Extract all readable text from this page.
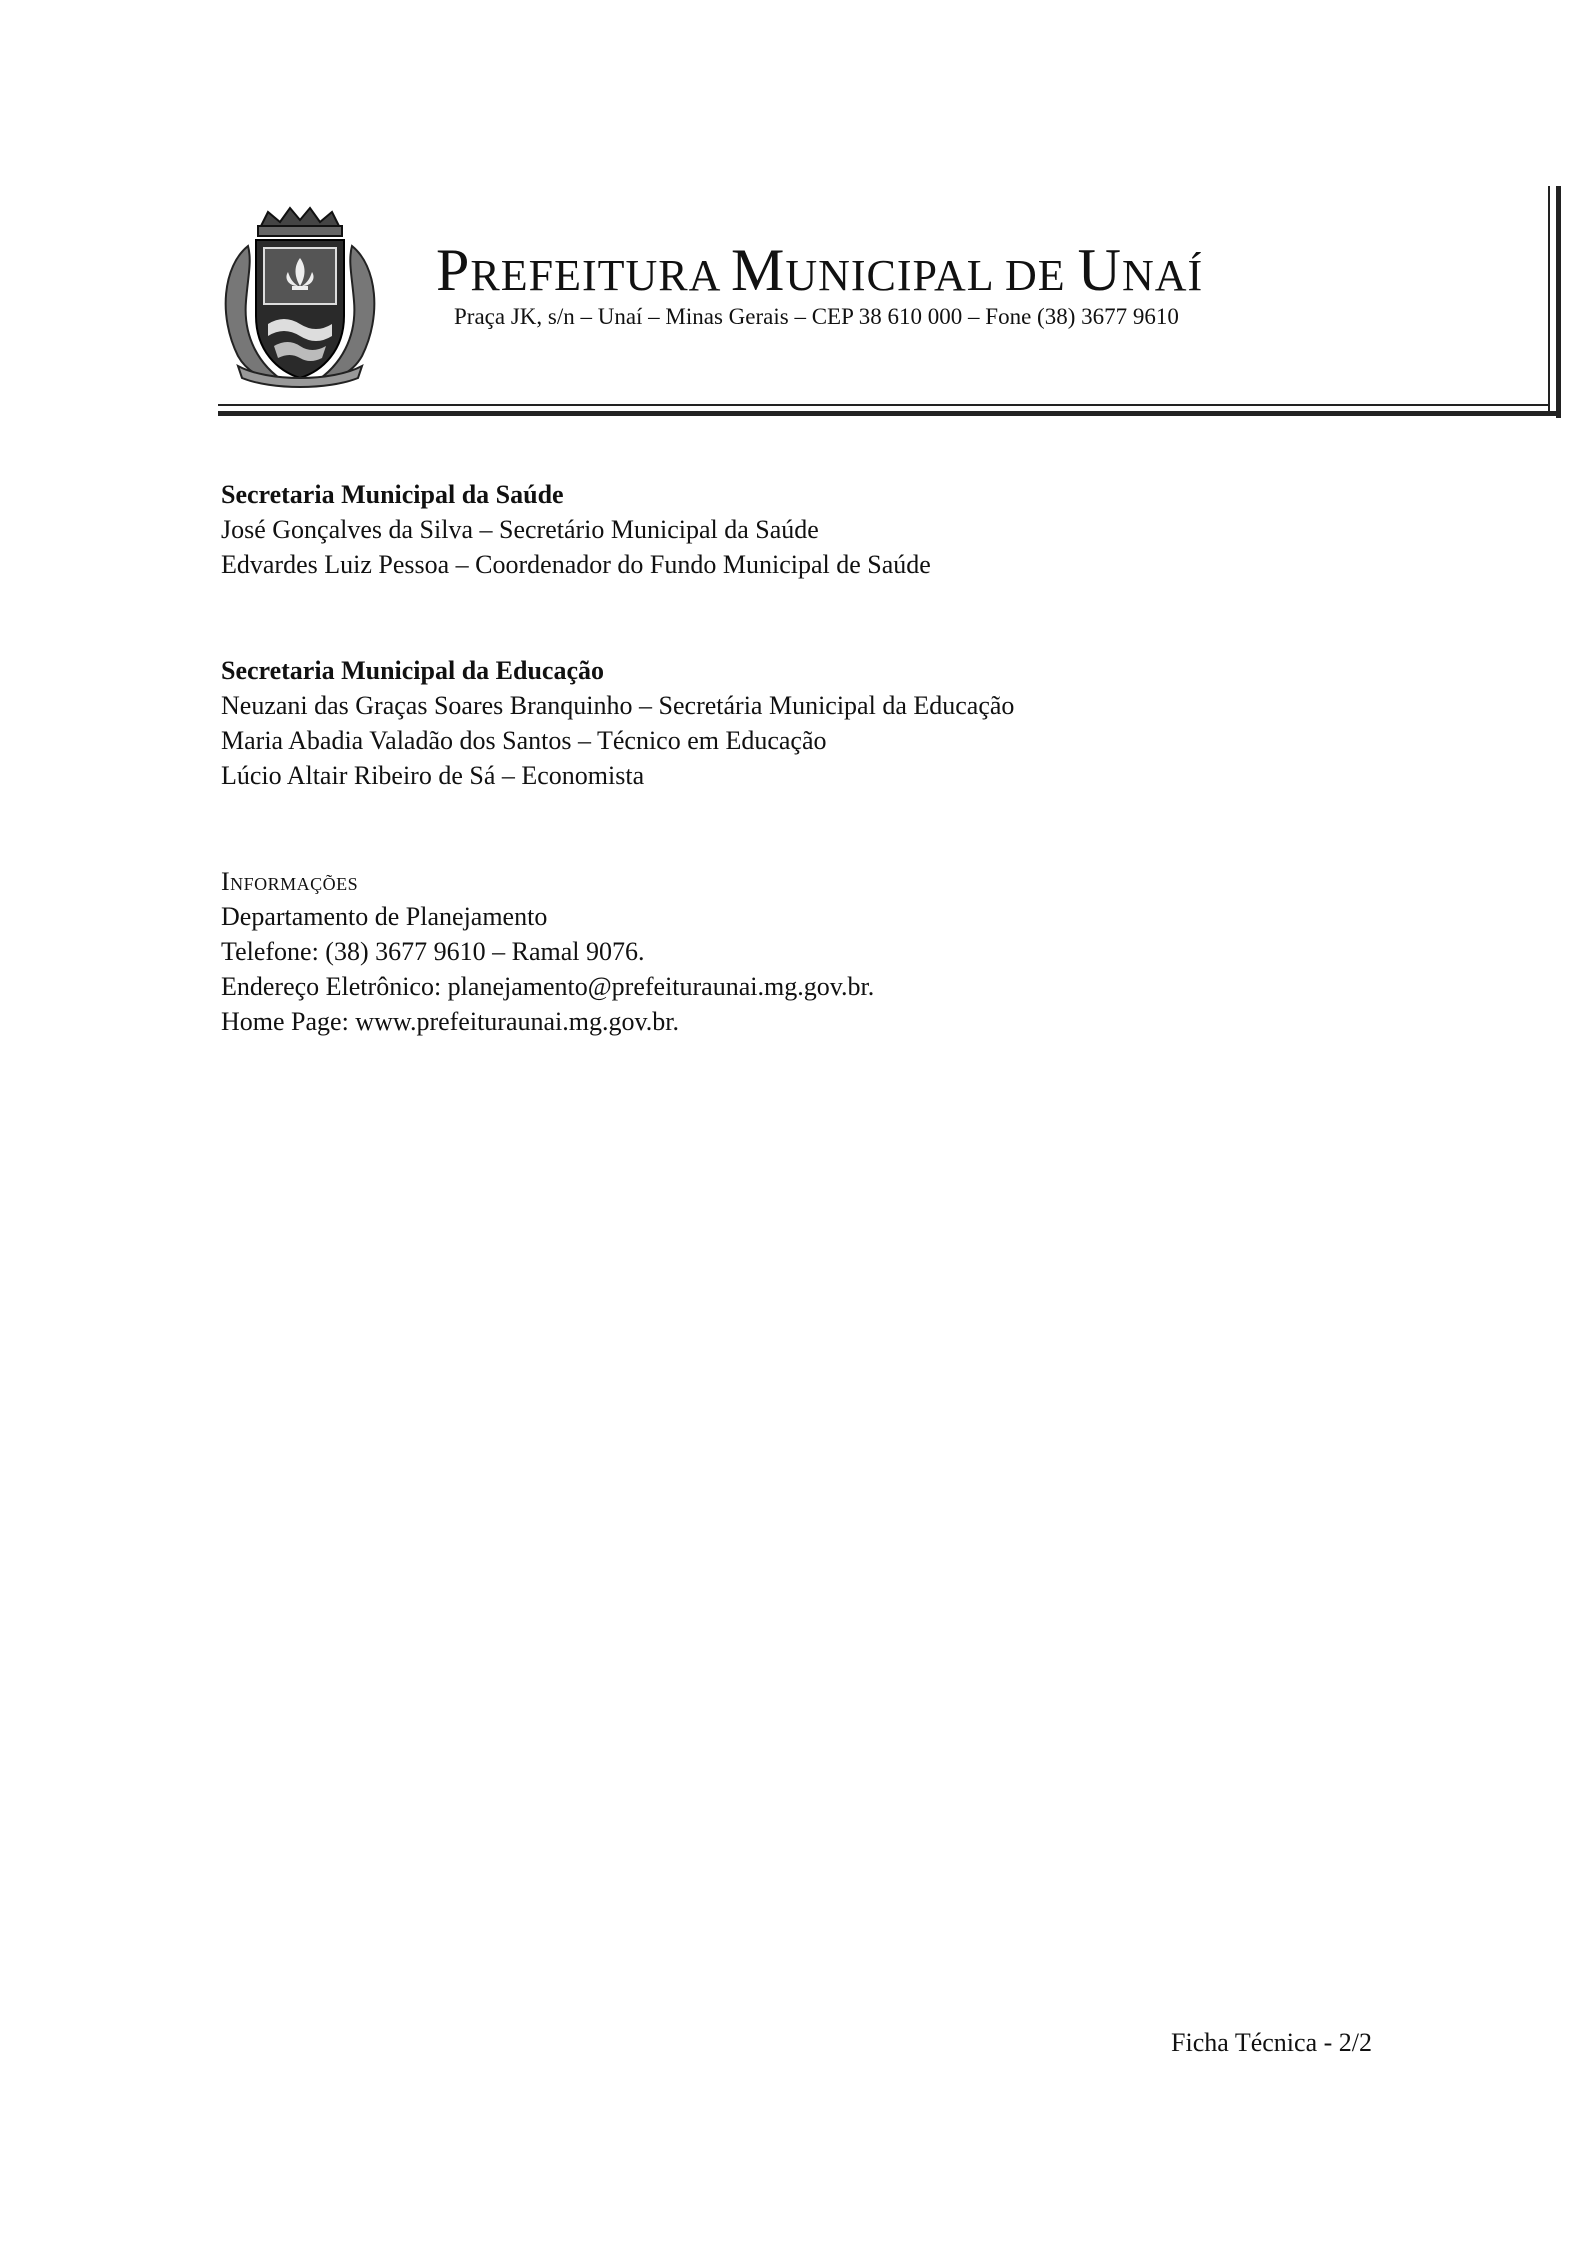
PREFEITURA MUNICIPAL DE UNAÍ
Praça JK, s/n – Unaí – Minas Gerais – CEP 38 610 000 – Fone (38) 3677 9610
Secretaria Municipal da Saúde
José Gonçalves da Silva – Secretário Municipal da Saúde
Edvardes Luiz Pessoa – Coordenador do Fundo Municipal de Saúde
Secretaria Municipal da Educação
Neuzani das Graças Soares Branquinho – Secretária Municipal da Educação
Maria Abadia Valadão dos Santos – Técnico em Educação
Lúcio Altair Ribeiro de Sá – Economista
Informações
Departamento de Planejamento
Telefone: (38) 3677 9610 – Ramal 9076.
Endereço Eletrônico: planejamento@prefeituraunai.mg.gov.br.
Home Page: www.prefeituraunai.mg.gov.br.
Ficha Técnica - 2/2
